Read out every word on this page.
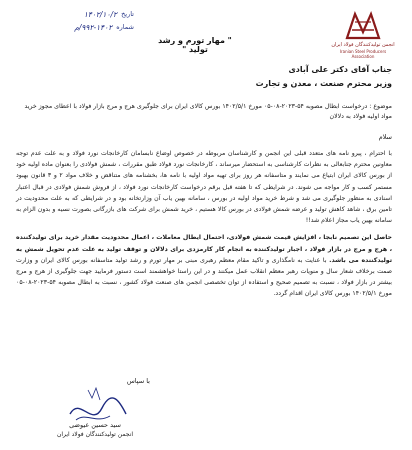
تاریخ
۱۴۰۲/۱۰/۲
شماره
۹۹۲-۱۴۰۲/م
" مهار تورم و رشد تولید "	انجمن تولیدکنندگان فولاد ایران
Iranian Steel Producers Association

جناب آقای دکتر علی آبادی

وزیر محترم صنعت ، معدن و تجارت

موضوع : درخواست ابطال مصوبه ۵۴-۲۰۲۳-۰۸-۰۵ مورخ ۱۴۰۲/۵/۱ بورس کالای ایران برای جلوگیری هرج و مرج بازار فولاد با اعطای مجوز خرید مواد اولیه فولاد به دلالان
سلام
با احترام ، پیرو نامه های متعدد قبلی این انجمن و کارشناسان مربوطه در خصوص اوضاع نابسامان کارخانجات نورد فولاد و به علت عدم توجه معاونین محترم جنابعالی به نظرات کارشناسی به استحضار میرساند ، کارخانجات نورد فولاد طبق مقررات ، شمش فولادی را بعنوان ماده اولیه خود از بورس کالای ایران ابتیاع می نمایند و متاسفانه هر روز برای تهیه مواد اولیه با نامه ها، بخشنامه های متناقض و خلاف مواد ۲ و ۳ قانون بهبود مستمر کسب و کار مواجه می شوند. در شرایطی که تا هفته قبل برقم درخواست کارخانجات نورد فولاد ، از فروش شمش فولادی در قبال اعتبار اسنادی به منظور جلوگیری می شد و شرط خرید مواد اولیه در بورس ، سامانه بهین یاب آن وزارتخانه بود و در شرایطی که به علت محدودیت در تامین برق ، شاهد کاهش تولید و عرضه شمش فولادی در بورس کالا هستیم ، خرید شمش برای شرکت های بازرگانی بصورت نسیه و بدون الزام به سامانه بهین یاب مجاز اعلام شد!!
حاصل این تصمیم نابجا ، افزایش قیمت شمش فولادی، احتمال ایطال معاملات ، اعمال محدودیت مقدار خرید برای تولیدکننده ، هرج و مرج در بازار فولاد ، اجبار تولیدکننده به انجام کار کارمزدی برای دلالان و توقف تولید به علت عدم تحویل شمش به تولیدکننده می باشد. با عنایت به نامگذاری و تاکید مقام معظم رهبری مبنی بر مهار تورم و رشد تولید متاسفانه بورس کالای ایران و وزارت صمت برخلاف شعار سال و منویات رهبر معظم انقلاب عمل میکنند و در این راستا خواهشمند است دستور فرمایید جهت جلوگیری از هرج و مرج بیشتر در بازار فولاد ، نسبت به تصمیم صحیح و استفاده از توان تخصصی انجمن های صنعت فولاد کشور ، نسبت به ابطال مصوبه ۵۴-۲۰۲۳-۰۸-۰۵ مورخ ۱۴۰۲/۵/۱ بورس کالای ایران اقدام گردد.
با سپاس
سید حسین عیوضی
انجمن تولیدکنندگان فولاد ایران
